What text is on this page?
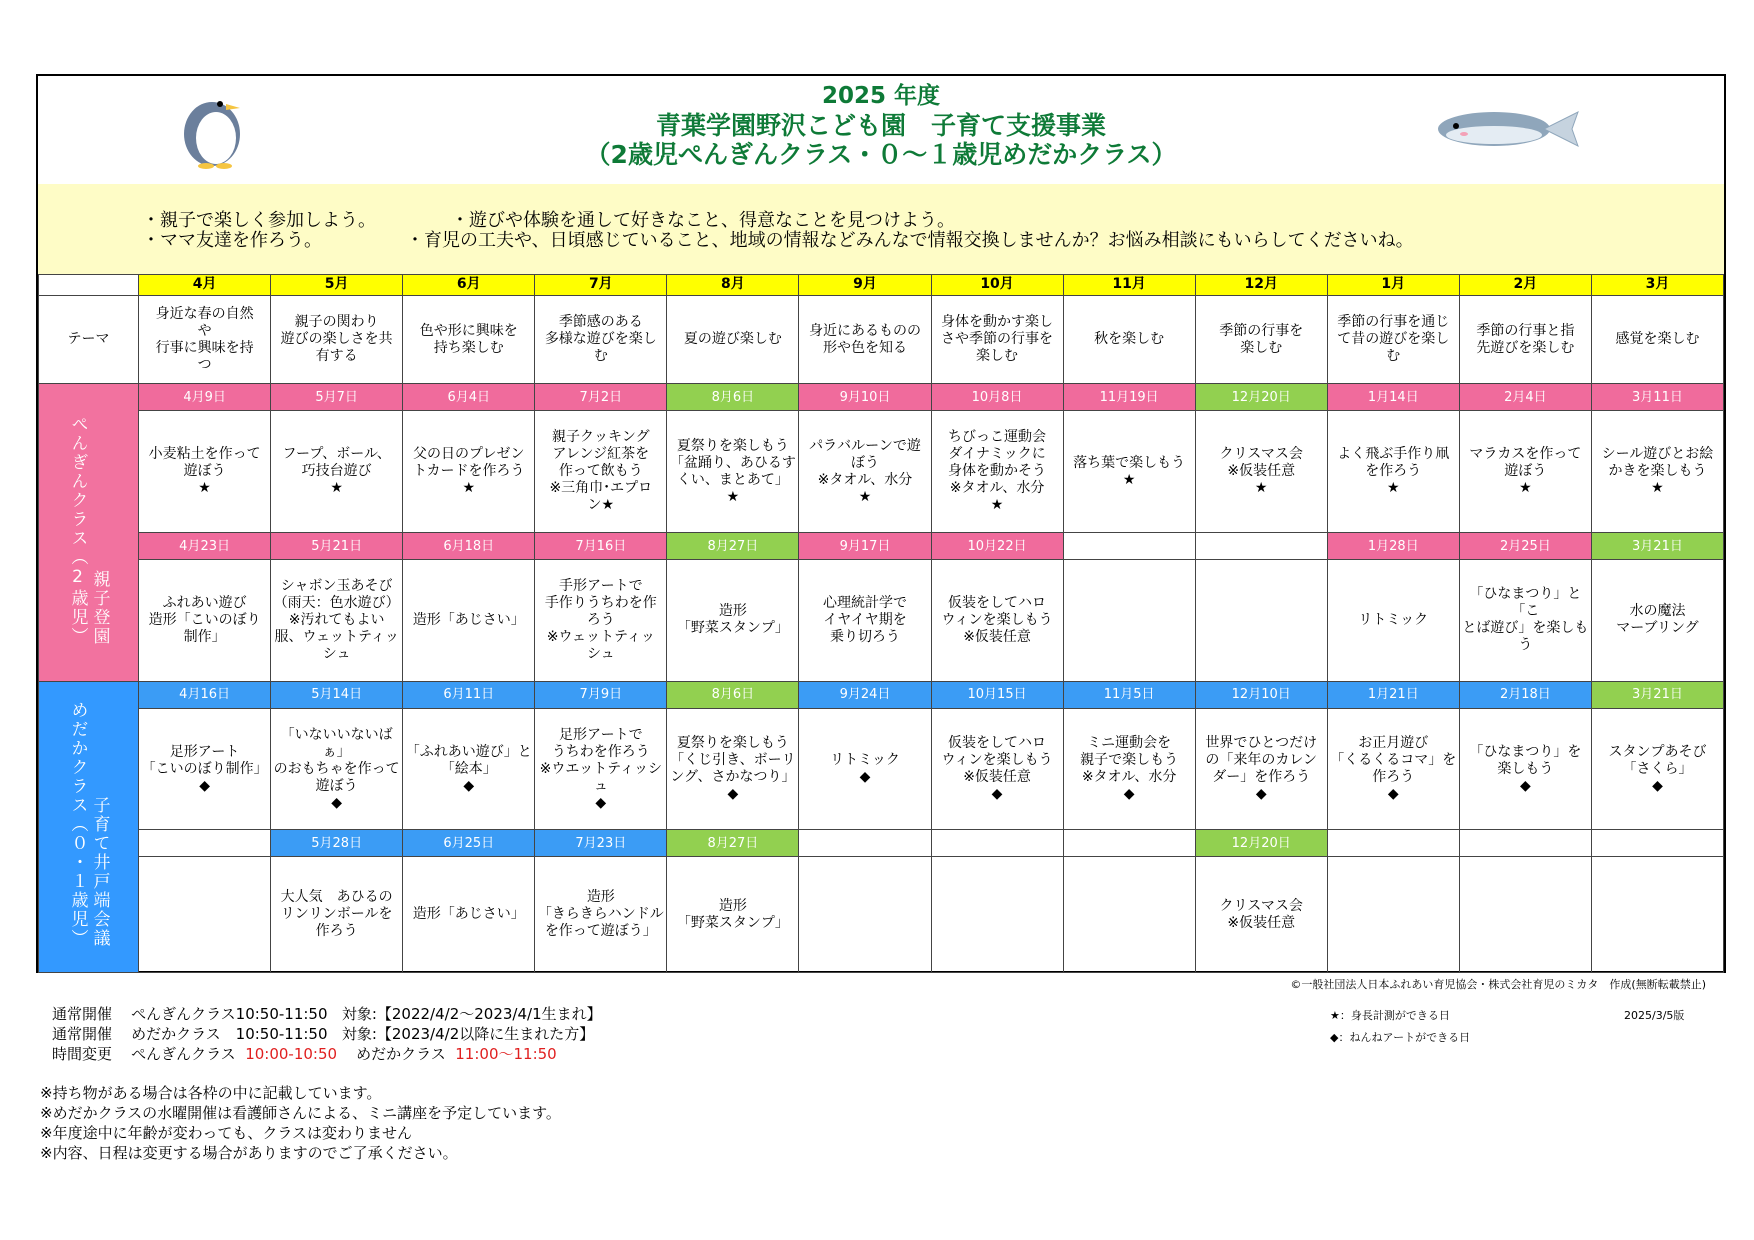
2025 年度
青葉学園野沢こども園　子育て支援事業
（2歳児ぺんぎんクラス・０～１歳児めだかクラス）
・親子で楽しく参加しよう。	・遊びや体験を通して好きなこと、得意なことを見つけよう。
・ママ友達を作ろう。	・育児の工夫や、日頃感じていること、地域の情報などみんなで情報交換しませんか？お悩み相談にもいらしてくださいね。
	4月	5月	6月	7月	8月	9月	10月	11月	12月	1月	2月	3月
テーマ	身近な春の自然
や
行事に興味を持
つ	親子の関わり
遊びの楽しさを共
有する	色や形に興味を
持ち楽しむ	季節感のある
多様な遊びを楽し
む	夏の遊び楽しむ	身近にあるものの
形や色を知る	身体を動かす楽し
さや季節の行事を
楽しむ	秋を楽しむ	季節の行事を
楽しむ	季節の行事を通じ
て昔の遊びを楽し
む	季節の行事と指
先遊びを楽しむ	感覚を楽しむ
ぺんぎんクラス（2歳児） 親子登園	4月9日	5月7日	6月4日	7月2日	8月6日	9月10日	10月8日	11月19日	12月20日	1月14日	2月4日	3月11日
	小麦粘土を作って
遊ぼう
★	フープ、ボール、
巧技台遊び
★	父の日のプレゼン
トカードを作ろう
★	親子クッキング
アレンジ紅茶を
作って飲もう
※三角巾･エプロ
ン★	夏祭りを楽しもう
「盆踊り、あひるす
くい、まとあて」
★	パラバルーンで遊
ぼう
※タオル、水分
★	ちびっこ運動会
ダイナミックに
身体を動かそう
※タオル、水分
★	落ち葉で楽しもう
★	クリスマス会
※仮装任意
★	よく飛ぶ手作り凧
を作ろう
★	マラカスを作って
遊ぼう
★	シール遊びとお絵
かきを楽しもう
★
	4月23日	5月21日	6月18日	7月16日	8月27日	9月17日	10月22日			1月28日	2月25日	3月21日
	ふれあい遊び
造形「こいのぼり
制作」	シャボン玉あそび
（雨天：色水遊び）
※汚れてもよい
服、ウェットティッ
シュ	造形「あじさい」	手形アートで
手作りうちわを作
ろう
※ウェットティッ
シュ	造形
「野菜スタンプ」	心理統計学で
イヤイヤ期を
乗り切ろう	仮装をしてハロ
ウィンを楽しもう
※仮装任意			リトミック	「ひなまつり」と「こ
とば遊び」を楽しも
う	水の魔法
マーブリング
めだかクラス（０・１歳児） 子育て井戸端会議	4月16日	5月14日	6月11日	7月9日	8月6日	9月24日	10月15日	11月5日	12月10日	1月21日	2月18日	3月21日
	足形アート
「こいのぼり制作」
◆	「いないいないばぁ」
のおもちゃを作って
遊ぼう
◆	「ふれあい遊び」と
「絵本」
◆	足形アートで
うちわを作ろう
※ウエットティッシュ
◆	夏祭りを楽しもう
「くじ引き、ボーリ
ング、さかなつり」
◆	リトミック
◆	仮装をしてハロ
ウィンを楽しもう
※仮装任意
◆	ミニ運動会を
親子で楽しもう
※タオル、水分
◆	世界でひとつだけ
の「来年のカレン
ダー」を作ろう
◆	お正月遊び
「くるくるコマ」を
作ろう
◆	「ひなまつり」を
楽しもう
◆	スタンプあそび
「さくら」
◆
		5月28日	6月25日	7月23日	8月27日				12月20日			
		大人気　あひるの
リンリンボールを
作ろう	造形「あじさい」	造形
「きらきらハンドル
を作って遊ぼう」	造形
「野菜スタンプ」				クリスマス会
※仮装任意			
©一般社団法人日本ふれあい育児協会・株式会社育児のミカタ　作成(無断転載禁止)
通常開催 ぺんぎんクラス10:50-11:50 対象:【2022/4/2～2023/4/1生まれ】
通常開催 めだかクラス　10:50-11:50 対象:【2023/4/2以降に生まれた方】
時間変更 ぺんぎんクラス 10:00-10:50 めだかクラス 11:00～11:50
★：身長計測ができる日
◆：ねんねアートができる日
2025/3/5版
※持ち物がある場合は各枠の中に記載しています。
※めだかクラスの水曜開催は看護師さんによる、ミニ講座を予定しています。
※年度途中に年齢が変わっても、クラスは変わりません
※内容、日程は変更する場合がありますのでご了承ください。
